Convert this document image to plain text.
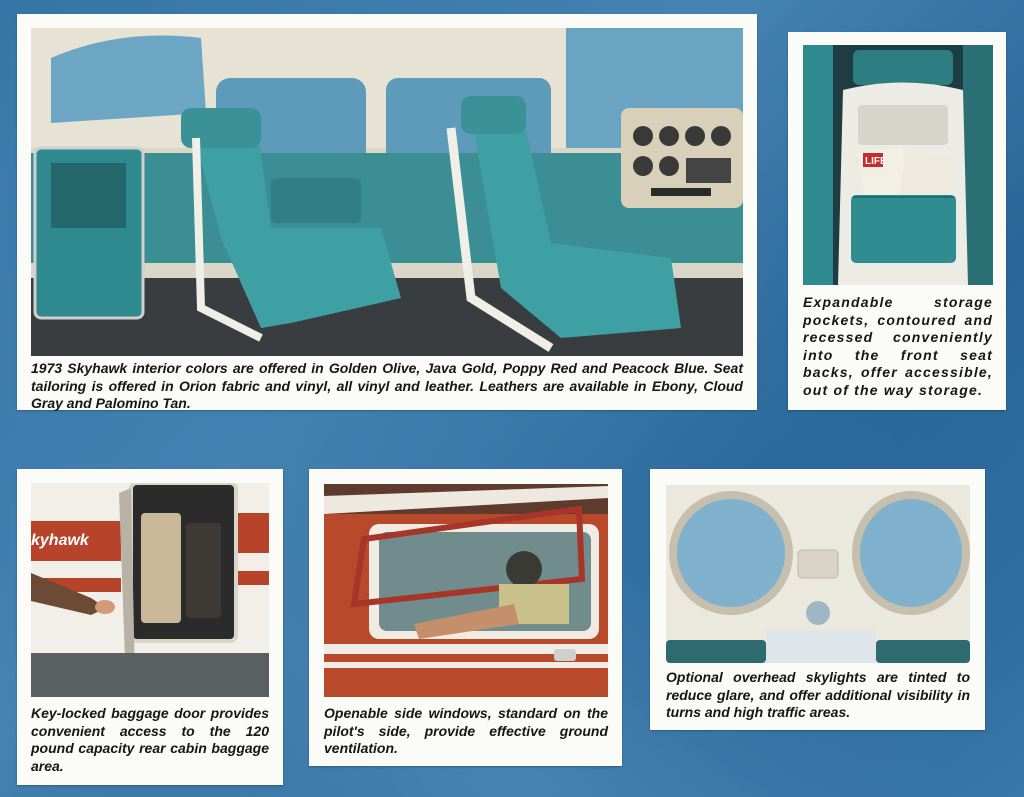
1973 Skyhawk interior colors are offered in Golden Olive, Java Gold, Poppy Red and Peacock Blue. Seat tailoring is offered in Orion fabric and vinyl, all vinyl and leather. Leathers are available in Ebony, Cloud Gray and Palomino Tan.
LIFE
Expandable storage pockets, contoured and recessed conveniently into the front seat backs, offer accessible, out of the way storage.
kyhawk
Key-locked baggage door provides convenient access to the 120 pound capacity rear cabin baggage area.
Openable side windows, standard on the pilot's side, provide effective ground ventilation.
Optional overhead skylights are tinted to reduce glare, and offer additional visibility in turns and high traffic areas.
